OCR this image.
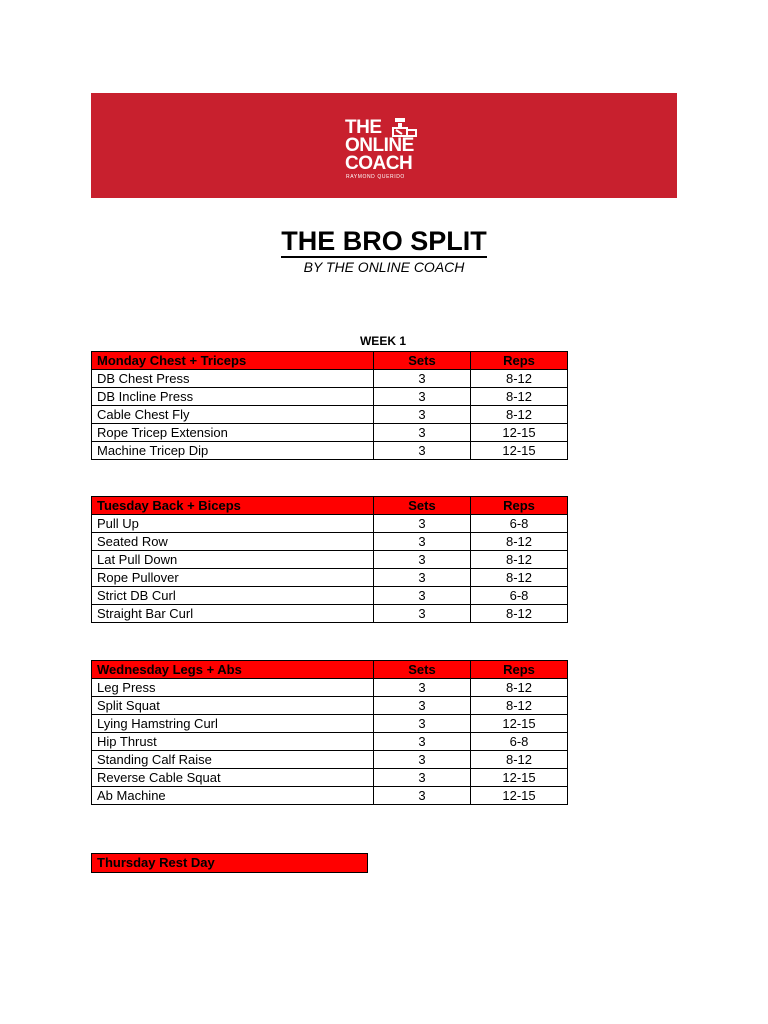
THE
ONLINE
COACH
RAYMOND QUERIDO
THE BRO SPLIT
BY THE ONLINE COACH
WEEK 1
Monday Chest + Triceps	Sets	Reps
DB Chest Press	3	8-12
DB Incline Press	3	8-12
Cable Chest Fly	3	8-12
Rope Tricep Extension	3	12-15
Machine Tricep Dip	3	12-15
Tuesday Back + Biceps	Sets	Reps
Pull Up	3	6-8
Seated Row	3	8-12
Lat Pull Down	3	8-12
Rope Pullover	3	8-12
Strict DB Curl	3	6-8
Straight Bar Curl	3	8-12
Wednesday Legs + Abs	Sets	Reps
Leg Press	3	8-12
Split Squat	3	8-12
Lying Hamstring Curl	3	12-15
Hip Thrust	3	6-8
Standing Calf Raise	3	8-12
Reverse Cable Squat	3	12-15
Ab Machine	3	12-15
Thursday Rest Day
